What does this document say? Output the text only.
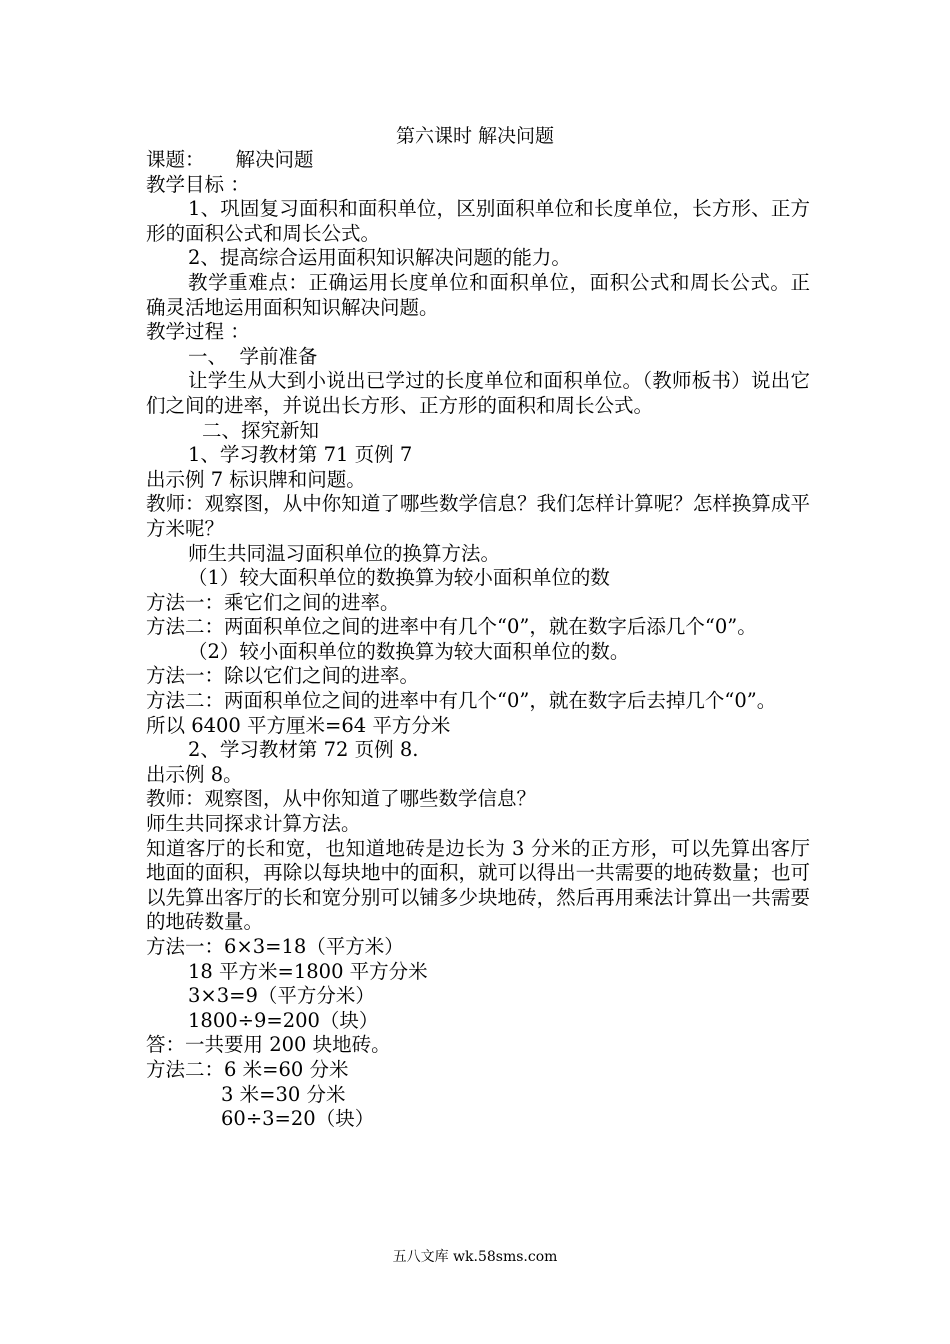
第六课时 解决问题

课题：     解决问题

教学目标 ：

1、巩固复习面积和面积单位，区别面积单位和长度单位，长方形、正方形的面积公式和周长公式。

2、提高综合运用面积知识解决问题的能力。

教学重难点：正确运用长度单位和面积单位，面积公式和周长公式。正确灵活地运用面积知识解决问题。

教学过程 ：

一、  学前准备

让学生从大到小说出已学过的长度单位和面积单位。（教师板书）说出它们之间的进率，并说出长方形、正方形的面积和周长公式。

二、探究新知

1、学习教材第 71 页例 7

出示例 7 标识牌和问题。

教师：观察图，从中你知道了哪些数学信息？我们怎样计算呢？怎样换算成平方米呢？

师生共同温习面积单位的换算方法。

（1）较大面积单位的数换算为较小面积单位的数

方法一：乘它们之间的进率。

方法二：两面积单位之间的进率中有几个“0”，就在数字后添几个“0”。

（2）较小面积单位的数换算为较大面积单位的数。

方法一：除以它们之间的进率。

方法二：两面积单位之间的进率中有几个“0”，就在数字后去掉几个“0”。

所以 6400 平方厘米=64 平方分米

2、学习教材第 72 页例 8.

出示例 8。

教师：观察图，从中你知道了哪些数学信息？

师生共同探求计算方法。

知道客厅的长和宽，也知道地砖是边长为 3 分米的正方形，可以先算出客厅地面的面积，再除以每块地中的面积，就可以得出一共需要的地砖数量；也可以先算出客厅的长和宽分别可以铺多少块地砖，然后再用乘法计算出一共需要的地砖数量。

方法一：6×3=18（平方米）

18 平方米=1800 平方分米

3×3=9（平方分米）

1800÷9=200（块）

答：一共要用 200 块地砖。

方法二：6 米=60 分米

3 米=30 分米

60÷3=20（块）

五八文库 wk.58sms.com
